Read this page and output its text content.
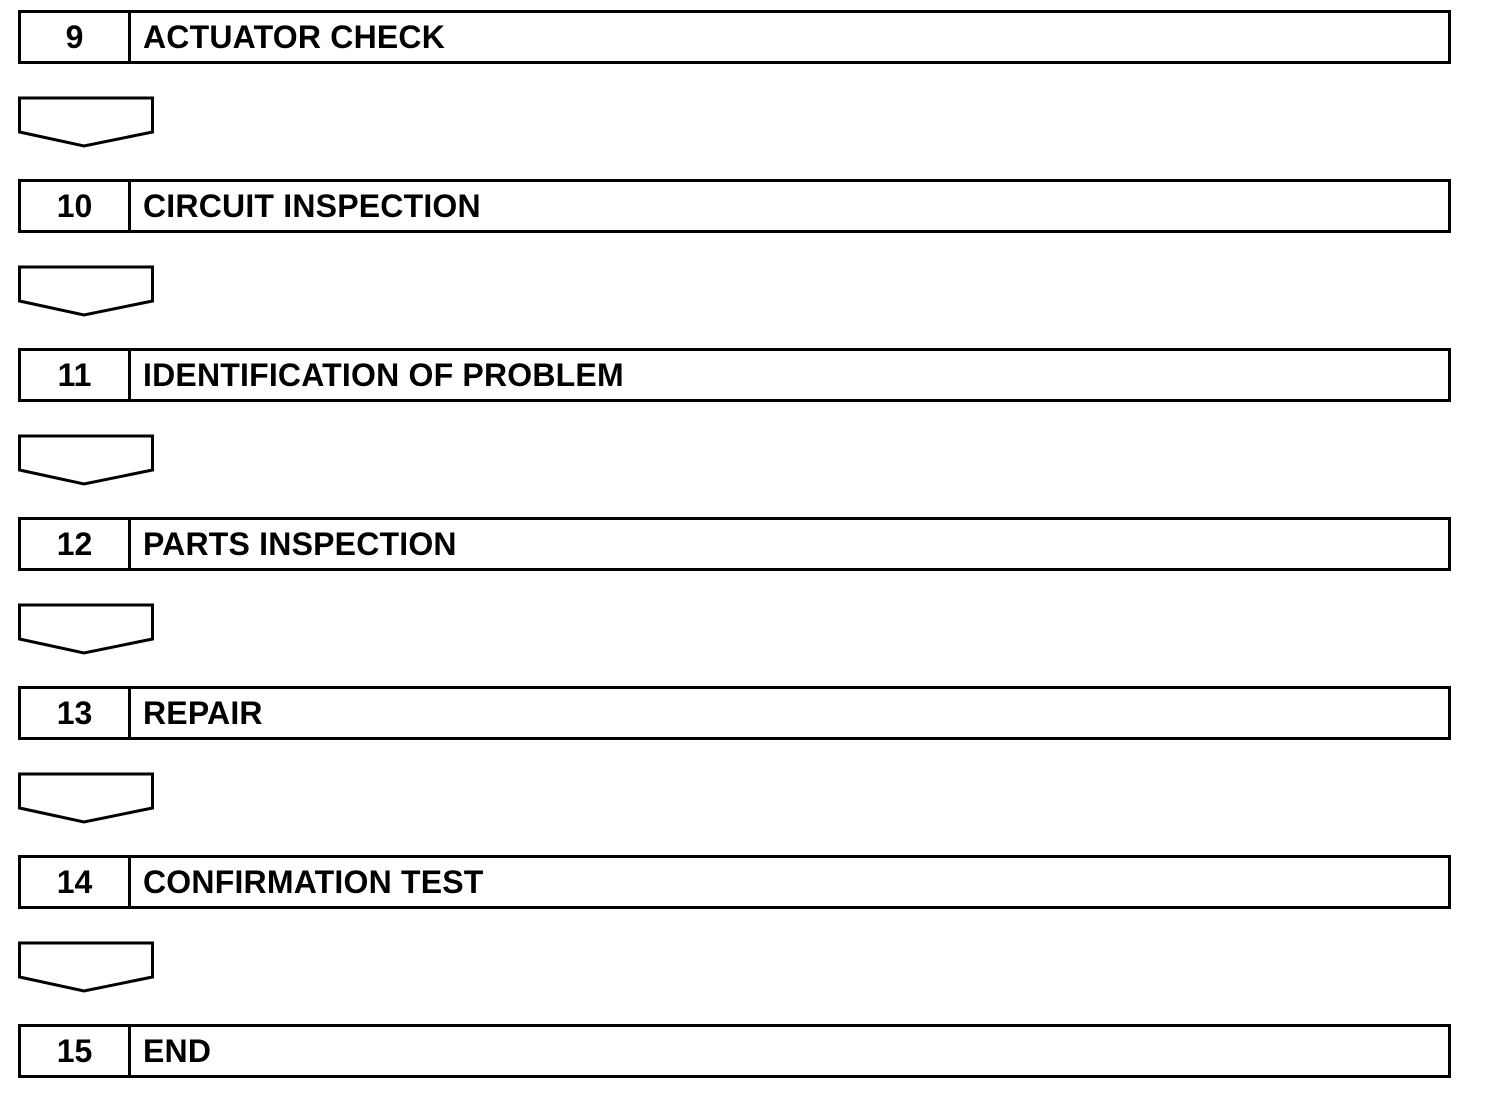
9	ACTUATOR CHECK
10	CIRCUIT INSPECTION
11	IDENTIFICATION OF PROBLEM
12	PARTS INSPECTION
13	REPAIR
14	CONFIRMATION TEST
15	END
